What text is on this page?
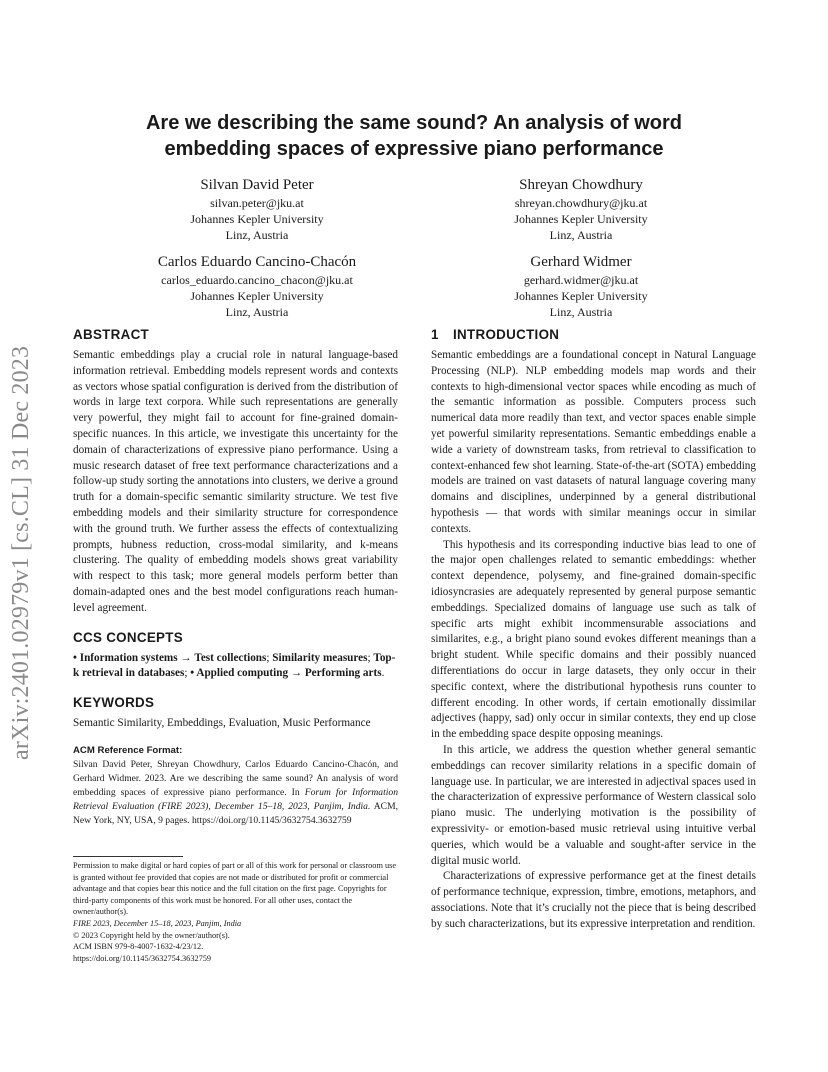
arXiv:2401.02979v1 [cs.CL] 31 Dec 2023
Are we describing the same sound? An analysis of word
embedding spaces of expressive piano performance
Silvan David Peter
silvan.peter@jku.at
Johannes Kepler University
Linz, Austria
Shreyan Chowdhury
shreyan.chowdhury@jku.at
Johannes Kepler University
Linz, Austria
Carlos Eduardo Cancino-Chacón
carlos_eduardo.cancino_chacon@jku.at
Johannes Kepler University
Linz, Austria
Gerhard Widmer
gerhard.widmer@jku.at
Johannes Kepler University
Linz, Austria
ABSTRACT

Semantic embeddings play a crucial role in natural language-based information retrieval. Embedding models represent words and contexts as vectors whose spatial configuration is derived from the distribution of words in large text corpora. While such representations are generally very powerful, they might fail to account for fine-grained domain-specific nuances. In this article, we investigate this uncertainty for the domain of characterizations of expressive piano performance. Using a music research dataset of free text performance characterizations and a follow-up study sorting the annotations into clusters, we derive a ground truth for a domain-specific semantic similarity structure. We test five embedding models and their similarity structure for correspondence with the ground truth. We further assess the effects of contextualizing prompts, hubness reduction, cross-modal similarity, and k-means clustering. The quality of embedding models shows great variability with respect to this task; more general models perform better than domain-adapted ones and the best model configurations reach human-level agreement.

CCS CONCEPTS

• Information systems → Test collections; Similarity measures; Top-k retrieval in databases; • Applied computing → Performing arts.

KEYWORDS

Semantic Similarity, Embeddings, Evaluation, Music Performance

ACM Reference Format:

Silvan David Peter, Shreyan Chowdhury, Carlos Eduardo Cancino-Chacón, and Gerhard Widmer. 2023. Are we describing the same sound? An analysis of word embedding spaces of expressive piano performance. In Forum for Information Retrieval Evaluation (FIRE 2023), December 15–18, 2023, Panjim, India. ACM, New York, NY, USA, 9 pages. https://doi.org/10.1145/3632754.3632759

Permission to make digital or hard copies of part or all of this work for personal or classroom use is granted without fee provided that copies are not made or distributed for profit or commercial advantage and that copies bear this notice and the full citation on the first page. Copyrights for third-party components of this work must be honored. For all other uses, contact the owner/author(s).
FIRE 2023, December 15–18, 2023, Panjim, India
© 2023 Copyright held by the owner/author(s).
ACM ISBN 979-8-4007-1632-4/23/12.
https://doi.org/10.1145/3632754.3632759
1 INTRODUCTION

Semantic embeddings are a foundational concept in Natural Language Processing (NLP). NLP embedding models map words and their contexts to high-dimensional vector spaces while encoding as much of the semantic information as possible. Computers process such numerical data more readily than text, and vector spaces enable simple yet powerful similarity representations. Semantic embeddings enable a wide a variety of downstream tasks, from retrieval to classification to context-enhanced few shot learning. State-of-the-art (SOTA) embedding models are trained on vast datasets of natural language covering many domains and disciplines, underpinned by a general distributional hypothesis — that words with similar meanings occur in similar contexts.

This hypothesis and its corresponding inductive bias lead to one of the major open challenges related to semantic embeddings: whether context dependence, polysemy, and fine-grained domain-specific idiosyncrasies are adequately represented by general purpose semantic embeddings. Specialized domains of language use such as talk of specific arts might exhibit incommensurable associations and similarites, e.g., a bright piano sound evokes different meanings than a bright student. While specific domains and their possibly nuanced differentiations do occur in large datasets, they only occur in their specific context, where the distributional hypothesis runs counter to different encoding. In other words, if certain emotionally dissimilar adjectives (happy, sad) only occur in similar contexts, they end up close in the embedding space despite opposing meanings.

In this article, we address the question whether general semantic embeddings can recover similarity relations in a specific domain of language use. In particular, we are interested in adjectival spaces used in the characterization of expressive performance of Western classical solo piano music. The underlying motivation is the possibility of expressivity- or emotion-based music retrieval using intuitive verbal queries, which would be a valuable and sought-after service in the digital music world.

Characterizations of expressive performance get at the finest details of performance technique, expression, timbre, emotions, metaphors, and associations. Note that it’s crucially not the piece that is being described by such characterizations, but its expressive interpretation and rendition.
